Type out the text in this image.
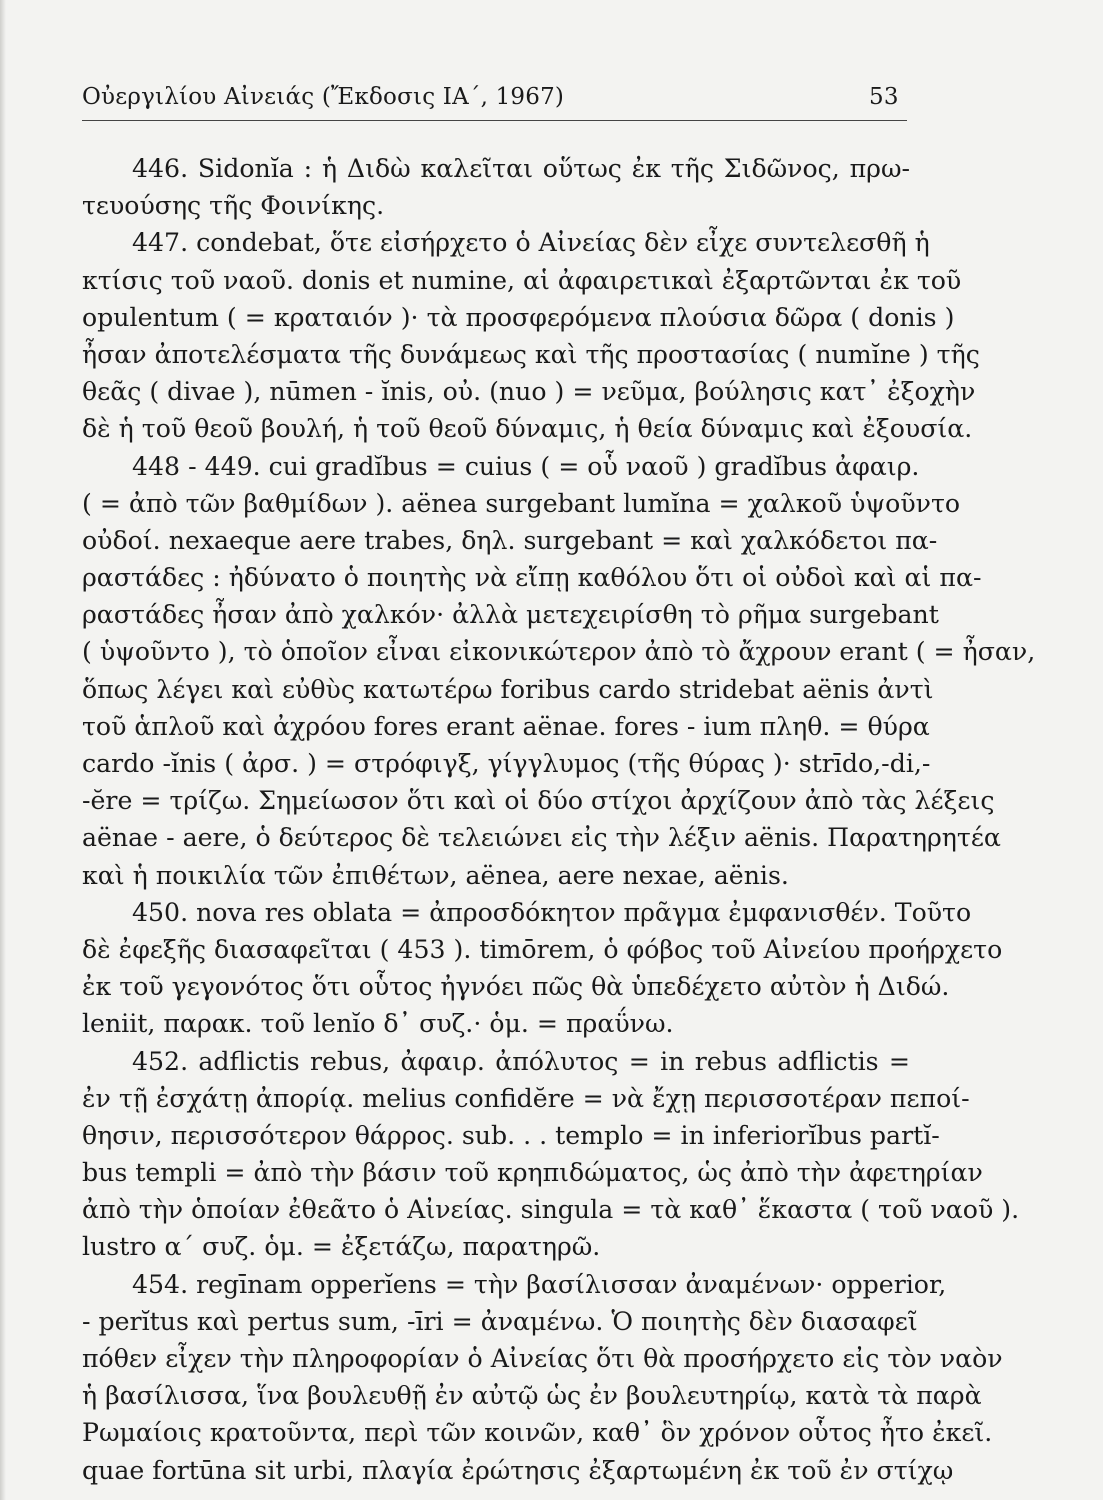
Οὐεργιλίου Αἰνειάς (Ἔκδοσις ΙΑ΄, 1967)	53
446. Sidonĭa : ἡ Διδὼ καλεῖται οὕτως ἐκ τῆς Σιδῶνος, πρω-
τευούσης τῆς Φοινίκης.
447. condebat, ὅτε εἰσήρχετο ὁ Αἰνείας δὲν εἶχε συντελεσθῆ ἡ
κτίσις τοῦ ναοῦ. donis et numine, αἱ ἀφαιρετικαὶ ἐξαρτῶνται ἐκ τοῦ
opulentum ( = κραταιόν )· τὰ προσφερόμενα πλούσια δῶρα ( donis )
ἦσαν ἀποτελέσματα τῆς δυνάμεως καὶ τῆς προστασίας ( numĭne ) τῆς
θεᾶς ( divae ), nūmen - ĭnis, οὐ. (nuo ) = νεῦμα, βούλησις κατ᾿ ἐξοχὴν
δὲ ἡ τοῦ θεοῦ βουλή, ἡ τοῦ θεοῦ δύναμις, ἡ θεία δύναμις καὶ ἐξουσία.
448 - 449. cui gradĭbus = cuius ( = οὗ ναοῦ ) gradĭbus ἀφαιρ.
( = ἀπὸ τῶν βαθμίδων ). aënea surgebant lumĭna = χαλκοῦ ὑψοῦντο
οὐδοί. nexaeque aere trabes, δηλ. surgebant = καὶ χαλκόδετοι πα-
ραστάδες : ἠδύνατο ὁ ποιητὴς νὰ εἴπῃ καθόλου ὅτι οἱ οὐδοὶ καὶ αἱ πα-
ραστάδες ἦσαν ἀπὸ χαλκόν· ἀλλὰ μετεχειρίσθη τὸ ρῆμα surgebant
( ὑψοῦντο ), τὸ ὁποῖον εἶναι εἰκονικώτερον ἀπὸ τὸ ἄχρουν erant ( = ἦσαν,
ὅπως λέγει καὶ εὐθὺς κατωτέρω foribus cardo stridebat aënis ἀντὶ
τοῦ ἁπλοῦ καὶ ἀχρόου fores erant aënae. fores - ium πληθ. = θύρα
cardo -ĭnis ( ἀρσ. ) = στρόφιγξ, γίγγλυμος (τῆς θύρας )· strīdo,-di,-
-ĕre = τρίζω. Σημείωσον ὅτι καὶ οἱ δύο στίχοι ἀρχίζουν ἀπὸ τὰς λέξεις
aënae - aere, ὁ δεύτερος δὲ τελειώνει εἰς τὴν λέξιν aënis. Παρατηρητέα
καὶ ἡ ποικιλία τῶν ἐπιθέτων, aënea, aere nexae, aënis.
450. nova res oblata = ἀπροσδόκητον πρᾶγμα ἐμφανισθέν. Τοῦτο
δὲ ἐφεξῆς διασαφεῖται ( 453 ). timōrem, ὁ φόβος τοῦ Αἰνείου προήρχετο
ἐκ τοῦ γεγονότος ὅτι οὗτος ἠγνόει πῶς θὰ ὑπεδέχετο αὐτὸν ἡ Διδώ.
leniit, παρακ. τοῦ lenĭo δ᾿ συζ.· ὁμ. = πραΰνω.
452. adflictis rebus, ἀφαιρ. ἀπόλυτος = in rebus adflictis =
ἐν τῇ ἐσχάτῃ ἀπορίᾳ. melius confidĕre = νὰ ἔχῃ περισσοτέραν πεποί-
θησιν, περισσότερον θάρρος. sub. . . templo = in inferiorĭbus partĭ-
bus templi = ἀπὸ τὴν βάσιν τοῦ κρηπιδώματος, ὡς ἀπὸ τὴν ἀφετηρίαν
ἀπὸ τὴν ὁποίαν ἐθεᾶτο ὁ Αἰνείας. singula = τὰ καθ᾿ ἕκαστα ( τοῦ ναοῦ ).
lustro α΄ συζ. ὁμ. = ἐξετάζω, παρατηρῶ.
454. regīnam opperĭens = τὴν βασίλισσαν ἀναμένων· opperior,
- perĭtus καὶ pertus sum, -īri = ἀναμένω. Ὁ ποιητὴς δὲν διασαφεῖ
πόθεν εἶχεν τὴν πληροφορίαν ὁ Αἰνείας ὅτι θὰ προσήρχετο εἰς τὸν ναὸν
ἡ βασίλισσα, ἵνα βουλευθῇ ἐν αὐτῷ ὡς ἐν βουλευτηρίῳ, κατὰ τὰ παρὰ
Ρωμαίοις κρατοῦντα, περὶ τῶν κοινῶν, καθ᾿ ὃν χρόνον οὗτος ἦτο ἐκεῖ.
quae fortūna sit urbi, πλαγία ἐρώτησις ἐξαρτωμένη ἐκ τοῦ ἐν στίχῳ
